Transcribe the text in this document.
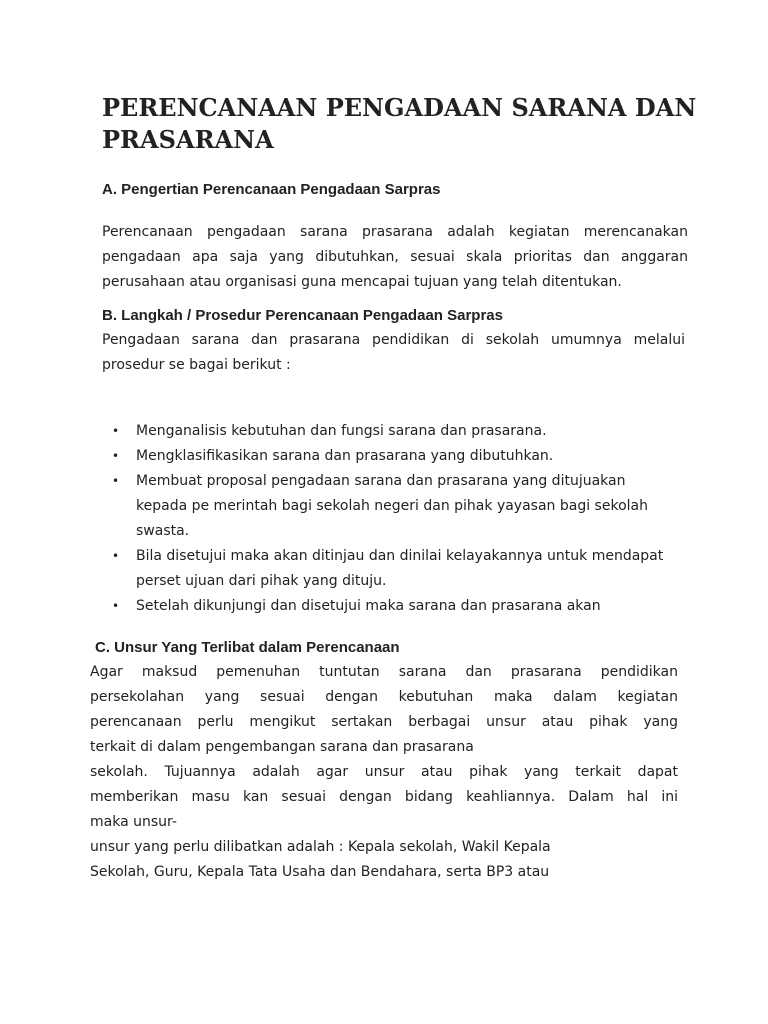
PERENCANAAN PENGADAAN SARANA DAN PRASARANA
A. Pengertian Perencanaan Pengadaan Sarpras

Perencanaan pengadaan sarana prasarana adalah kegiatan merencanakan pengadaan apa saja yang dibutuhkan, sesuai skala prioritas dan anggaran perusahaan atau organisasi guna mencapai tujuan yang telah ditentukan.

B. Langkah / Prosedur Perencanaan Pengadaan Sarpras

Pengadaan sarana dan prasarana pendidikan di sekolah umumnya melalui prosedur se bagai berikut :

• Menganalisis kebutuhan dan fungsi sarana dan prasarana.
• Mengklasifikasikan sarana dan prasarana yang dibutuhkan.
• Membuat proposal pengadaan sarana dan prasarana yang ditujuakan kepada pe merintah bagi sekolah negeri dan pihak yayasan bagi sekolah swasta.
• Bila disetujui maka akan ditinjau dan dinilai kelayakannya untuk mendapat perset ujuan dari pihak yang dituju.
• Setelah dikunjungi dan disetujui maka sarana dan prasarana akan
C. Unsur Yang Terlibat dalam Perencanaan
Agar maksud pemenuhan tuntutan sarana dan prasarana pendidikan
persekolahan yang sesuai dengan kebutuhan maka dalam kegiatan
perencanaan perlu mengikut sertakan berbagai unsur atau pihak yang
terkait di dalam pengembangan sarana dan prasarana
sekolah. Tujuannya adalah agar unsur atau pihak yang terkait dapat
memberikan masu kan sesuai dengan bidang keahliannya. Dalam hal ini
maka unsur-
unsur yang perlu dilibatkan adalah : Kepala sekolah, Wakil Kepala
Sekolah, Guru, Kepala Tata Usaha dan Bendahara, serta BP3 atau
